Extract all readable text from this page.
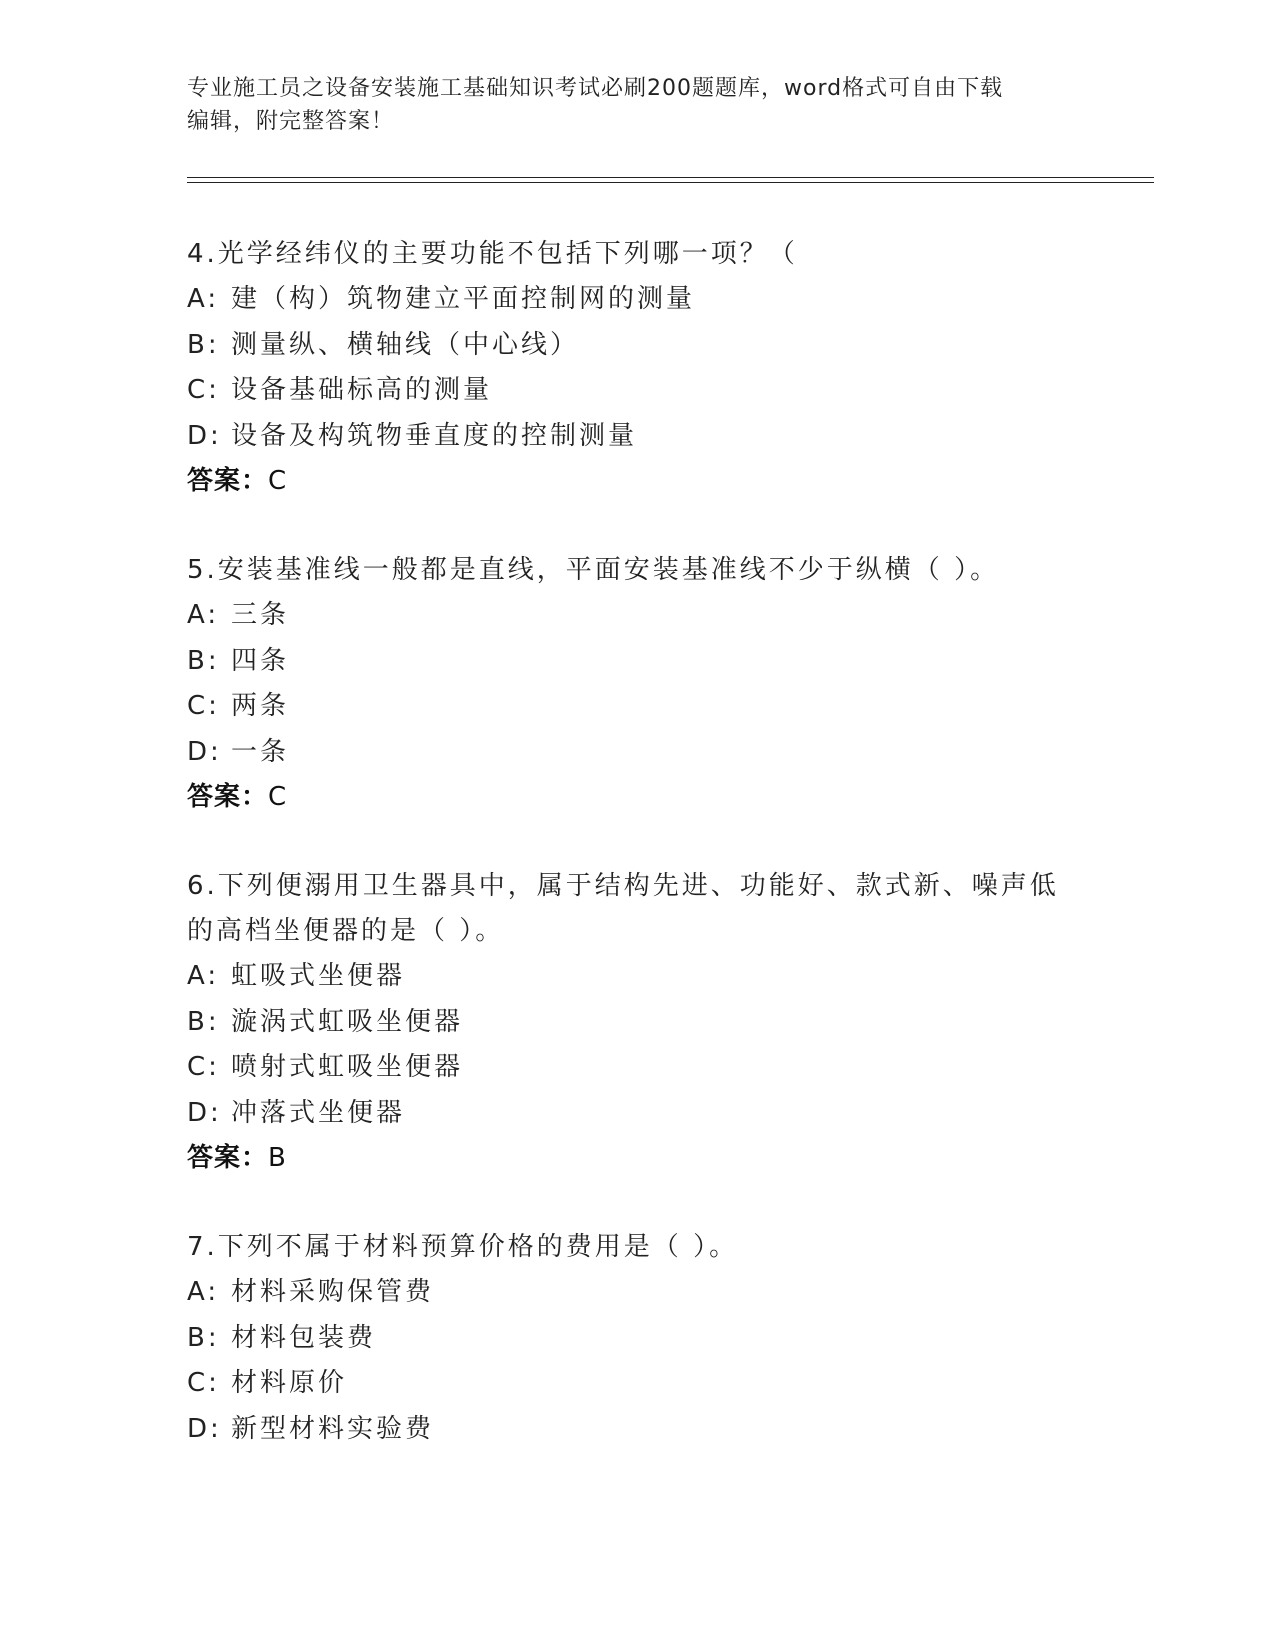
专业施工员之设备安装施工基础知识考试必刷200题题库，word格式可自由下载
编辑，附完整答案！

4.光学经纬仪的主要功能不包括下列哪一项？（

A: 建（构）筑物建立平面控制网的测量

B: 测量纵、横轴线（中心线）

C: 设备基础标高的测量

D: 设备及构筑物垂直度的控制测量

答案：C

5.安装基准线一般都是直线，平面安装基准线不少于纵横（ ）。

A: 三条

B: 四条

C: 两条

D: 一条

答案：C

6.下列便溺用卫生器具中，属于结构先进、功能好、款式新、噪声低

的高档坐便器的是（ ）。

A: 虹吸式坐便器

B: 漩涡式虹吸坐便器

C: 喷射式虹吸坐便器

D: 冲落式坐便器

答案：B

7.下列不属于材料预算价格的费用是（ ）。

A: 材料采购保管费

B: 材料包装费

C: 材料原价

D: 新型材料实验费
